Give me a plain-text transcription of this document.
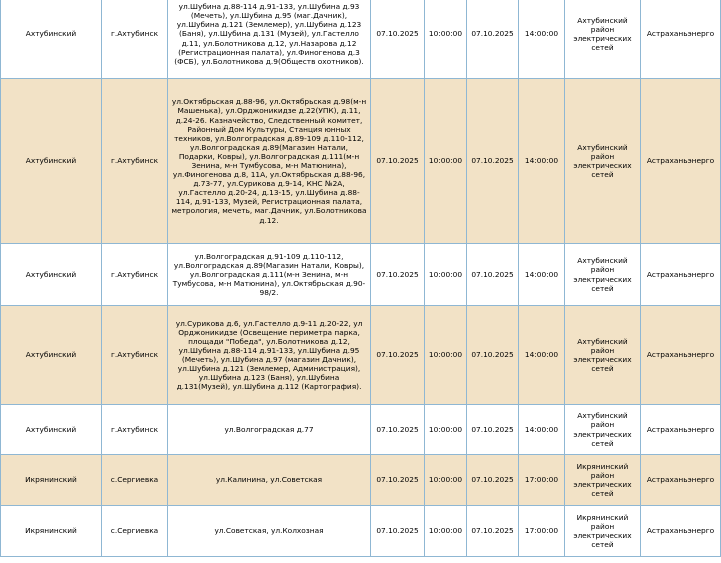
Ахтубинский	г.Ахтубинск	ул.Шубина д.88-114 д.91-133, ул.Шубина д.93 (Мечеть), ул.Шубина д.95 (маг.Дачник), ул.Шубина д.121 (Землемер), ул.Шубина д.123 (Баня), ул.Шубина д.131 (Музей), ул.Гастелло д.11, ул.Болотникова д.12, ул.Назарова д.12 (Регистрационная палата), ул.Финогенова д.3 (ФСБ), ул.Болотникова д.9(Обществ охотников).	07.10.2025	10:00:00	07.10.2025	14:00:00	Ахтубинский район электрических сетей	Астраханьэнерго
Ахтубинский	г.Ахтубинск	ул.Октябрьская д.88-96, ул.Октябрьская д.98(м-н Машенька), ул.Орджоникидзе д.22(УПК), д.11, д.24-26. Казначейство, Следственный комитет, Районный Дом Культуры, Станция юнных техников, ул.Волгоградская д.89-109 д.110-112, ул.Волгоградская д.89(Магазин Натали, Подарки, Ковры), ул.Волгоградская д.111(м-н Зенина, м-н Тумбусова, м-н Матюнина), ул.Финогенова д.8, 11А, ул.Октябрьская д.88-96, д.73-77, ул.Сурикова д.9-14, КНС №2А, ул.Гастелло д.20-24, д.13-15, ул.Шубина д.88-114, д.91-133, Музей, Регистрационная палата, метрология, мечеть, маг.Дачник, ул.Болотникова д.12.	07.10.2025	10:00:00	07.10.2025	14:00:00	Ахтубинский район электрических сетей	Астраханьэнерго
Ахтубинский	г.Ахтубинск	ул.Волгоградская д.91-109 д.110-112, ул.Волгоградская д.89(Магазин Натали, Ковры), ул.Волгоградская д.111(м-н Зенина, м-н Тумбусова, м-н Матюнина), ул.Октябрьская д.90-98/2.	07.10.2025	10:00:00	07.10.2025	14:00:00	Ахтубинский район электрических сетей	Астраханьэнерго
Ахтубинский	г.Ахтубинск	ул.Сурикова д.6, ул.Гастелло д.9-11 д.20-22, ул Орджоникидзе (Освещение периметра парка, площади "Победа", ул.Болотникова д.12, ул.Шубина д.88-114 д.91-133, ул.Шубина д.95 (Мечеть), ул.Шубина д.97 (магазин Дачник), ул.Шубина д.121 (Землемер, Администрация), ул.Шубина д.123 (Баня), ул.Шубина д.131(Музей), ул.Шубина д.112 (Картография).	07.10.2025	10:00:00	07.10.2025	14:00:00	Ахтубинский район электрических сетей	Астраханьэнерго
Ахтубинский	г.Ахтубинск	ул.Волгоградская д.77	07.10.2025	10:00:00	07.10.2025	14:00:00	Ахтубинский район электрических сетей	Астраханьэнерго
Икрянинский	с.Сергиевка	ул.Калинина, ул.Советская	07.10.2025	10:00:00	07.10.2025	17:00:00	Икрянинский район электрических сетей	Астраханьэнерго
Икрянинский	с.Сергиевка	ул.Советская, ул.Колхозная	07.10.2025	10:00:00	07.10.2025	17:00:00	Икрянинский район электрических сетей	Астраханьэнерго
